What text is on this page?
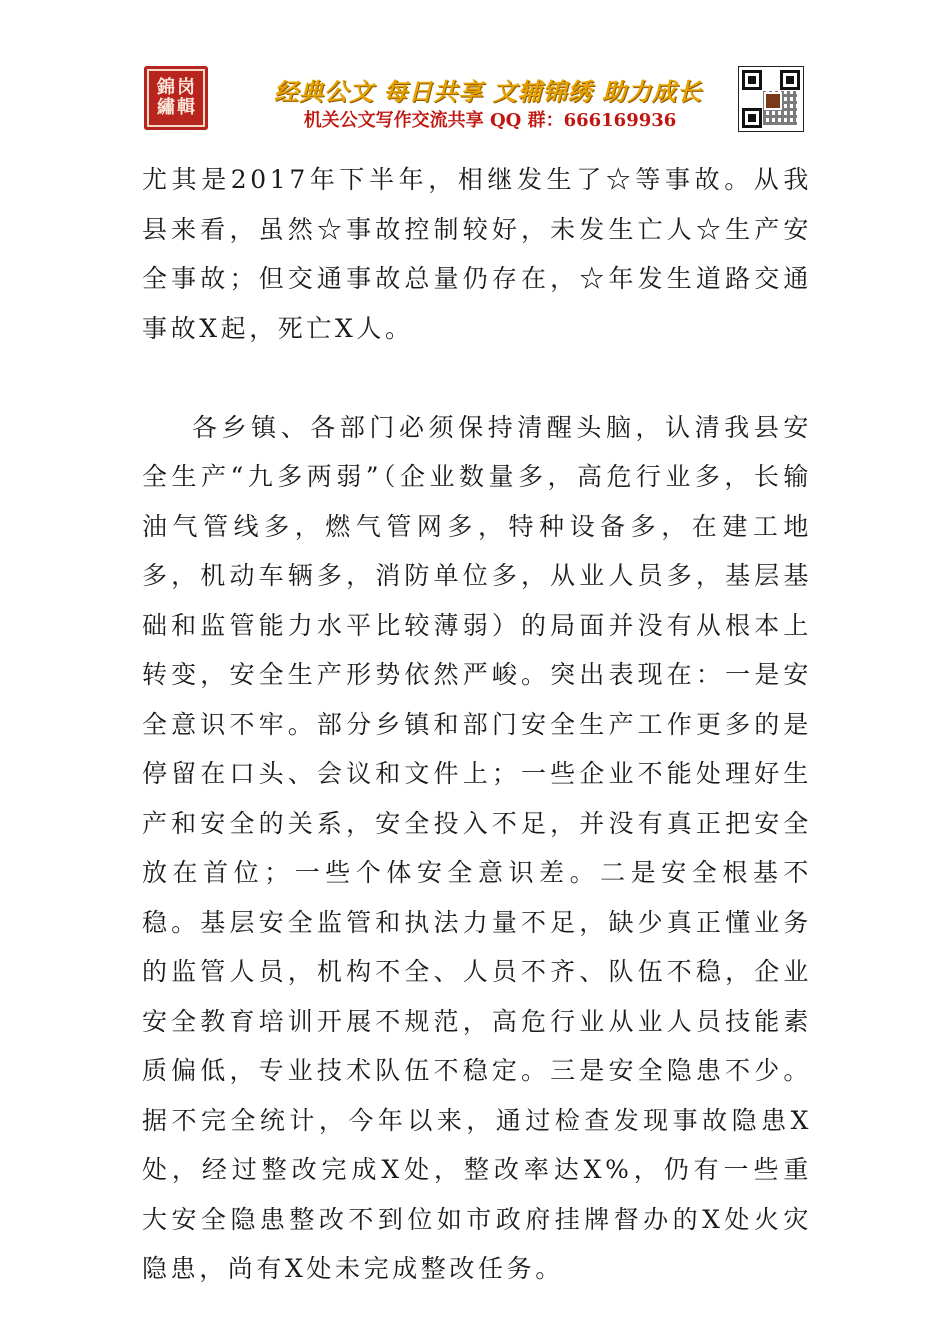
錦 岗
繡 輯
经典公文 每日共享 文辅锦绣 助力成长
机关公文写作交流共享 QQ 群：666169936

尤其是2017年下半年，相继发生了☆等事故。从我县来看，虽然☆事故控制较好，未发生亡人☆生产安全事故；但交通事故总量仍存在，☆年发生道路交通事故X起，死亡X人。

各乡镇、各部门必须保持清醒头脑，认清我县安全生产“九多两弱”（企业数量多，高危行业多，长输油气管线多，燃气管网多，特种设备多，在建工地多，机动车辆多，消防单位多，从业人员多，基层基础和监管能力水平比较薄弱）的局面并没有从根本上转变，安全生产形势依然严峻。突出表现在：一是安全意识不牢。部分乡镇和部门安全生产工作更多的是停留在口头、会议和文件上；一些企业不能处理好生产和安全的关系，安全投入不足，并没有真正把安全放在首位；一些个体安全意识差。二是安全根基不稳。基层安全监管和执法力量不足，缺少真正懂业务的监管人员，机构不全、人员不齐、队伍不稳，企业安全教育培训开展不规范，高危行业从业人员技能素质偏低，专业技术队伍不稳定。三是安全隐患不少。据不完全统计，今年以来，通过检查发现事故隐患X处，经过整改完成X处，整改率达X%，仍有一些重大安全隐患整改不到位如市政府挂牌督办的X处火灾隐患，尚有X处未完成整改任务。
